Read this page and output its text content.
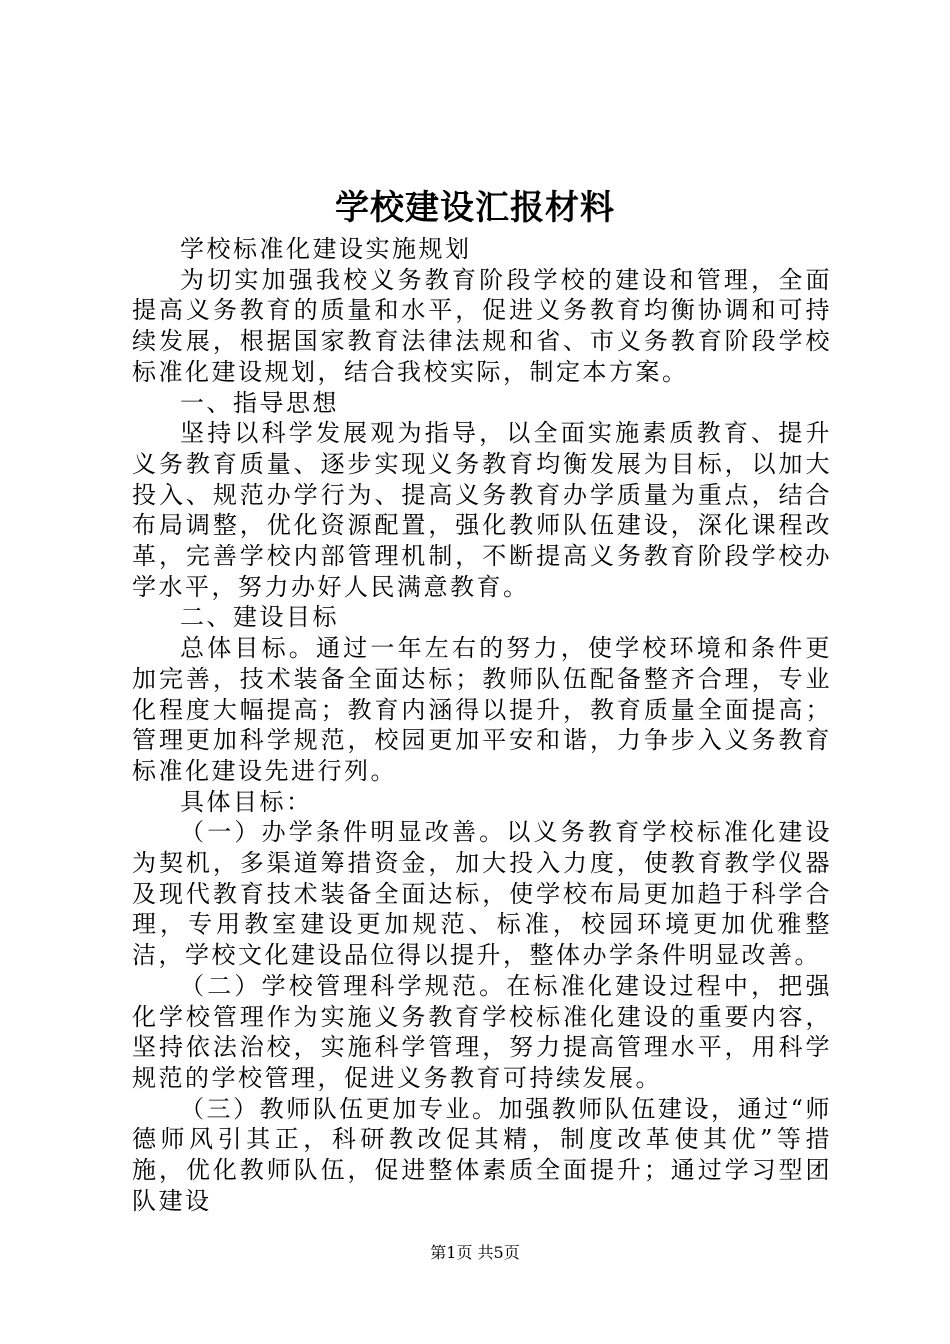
学校建设汇报材料

学校标准化建设实施规划

为切实加强我校义务教育阶段学校的建设和管理，全面提高义务教育的质量和水平，促进义务教育均衡协调和可持续发展，根据国家教育法律法规和省、市义务教育阶段学校标准化建设规划，结合我校实际，制定本方案。

一、指导思想

坚持以科学发展观为指导，以全面实施素质教育、提升义务教育质量、逐步实现义务教育均衡发展为目标，以加大投入、规范办学行为、提高义务教育办学质量为重点，结合布局调整，优化资源配置，强化教师队伍建设，深化课程改革，完善学校内部管理机制，不断提高义务教育阶段学校办学水平，努力办好人民满意教育。

二、建设目标

总体目标。通过一年左右的努力，使学校环境和条件更加完善，技术装备全面达标；教师队伍配备整齐合理，专业化程度大幅提高；教育内涵得以提升，教育质量全面提高；管理更加科学规范，校园更加平安和谐，力争步入义务教育标准化建设先进行列。

具体目标：

（一）办学条件明显改善。以义务教育学校标准化建设为契机，多渠道筹措资金，加大投入力度，使教育教学仪器及现代教育技术装备全面达标，使学校布局更加趋于科学合理，专用教室建设更加规范、标准，校园环境更加优雅整洁，学校文化建设品位得以提升，整体办学条件明显改善。

（二）学校管理科学规范。在标准化建设过程中，把强化学校管理作为实施义务教育学校标准化建设的重要内容，坚持依法治校，实施科学管理，努力提高管理水平，用科学规范的学校管理，促进义务教育可持续发展。

（三）教师队伍更加专业。加强教师队伍建设，通过“师德师风引其正，科研教改促其精，制度改革使其优”等措施，优化教师队伍，促进整体素质全面提升；通过学习型团队建设

第1页 共5页
